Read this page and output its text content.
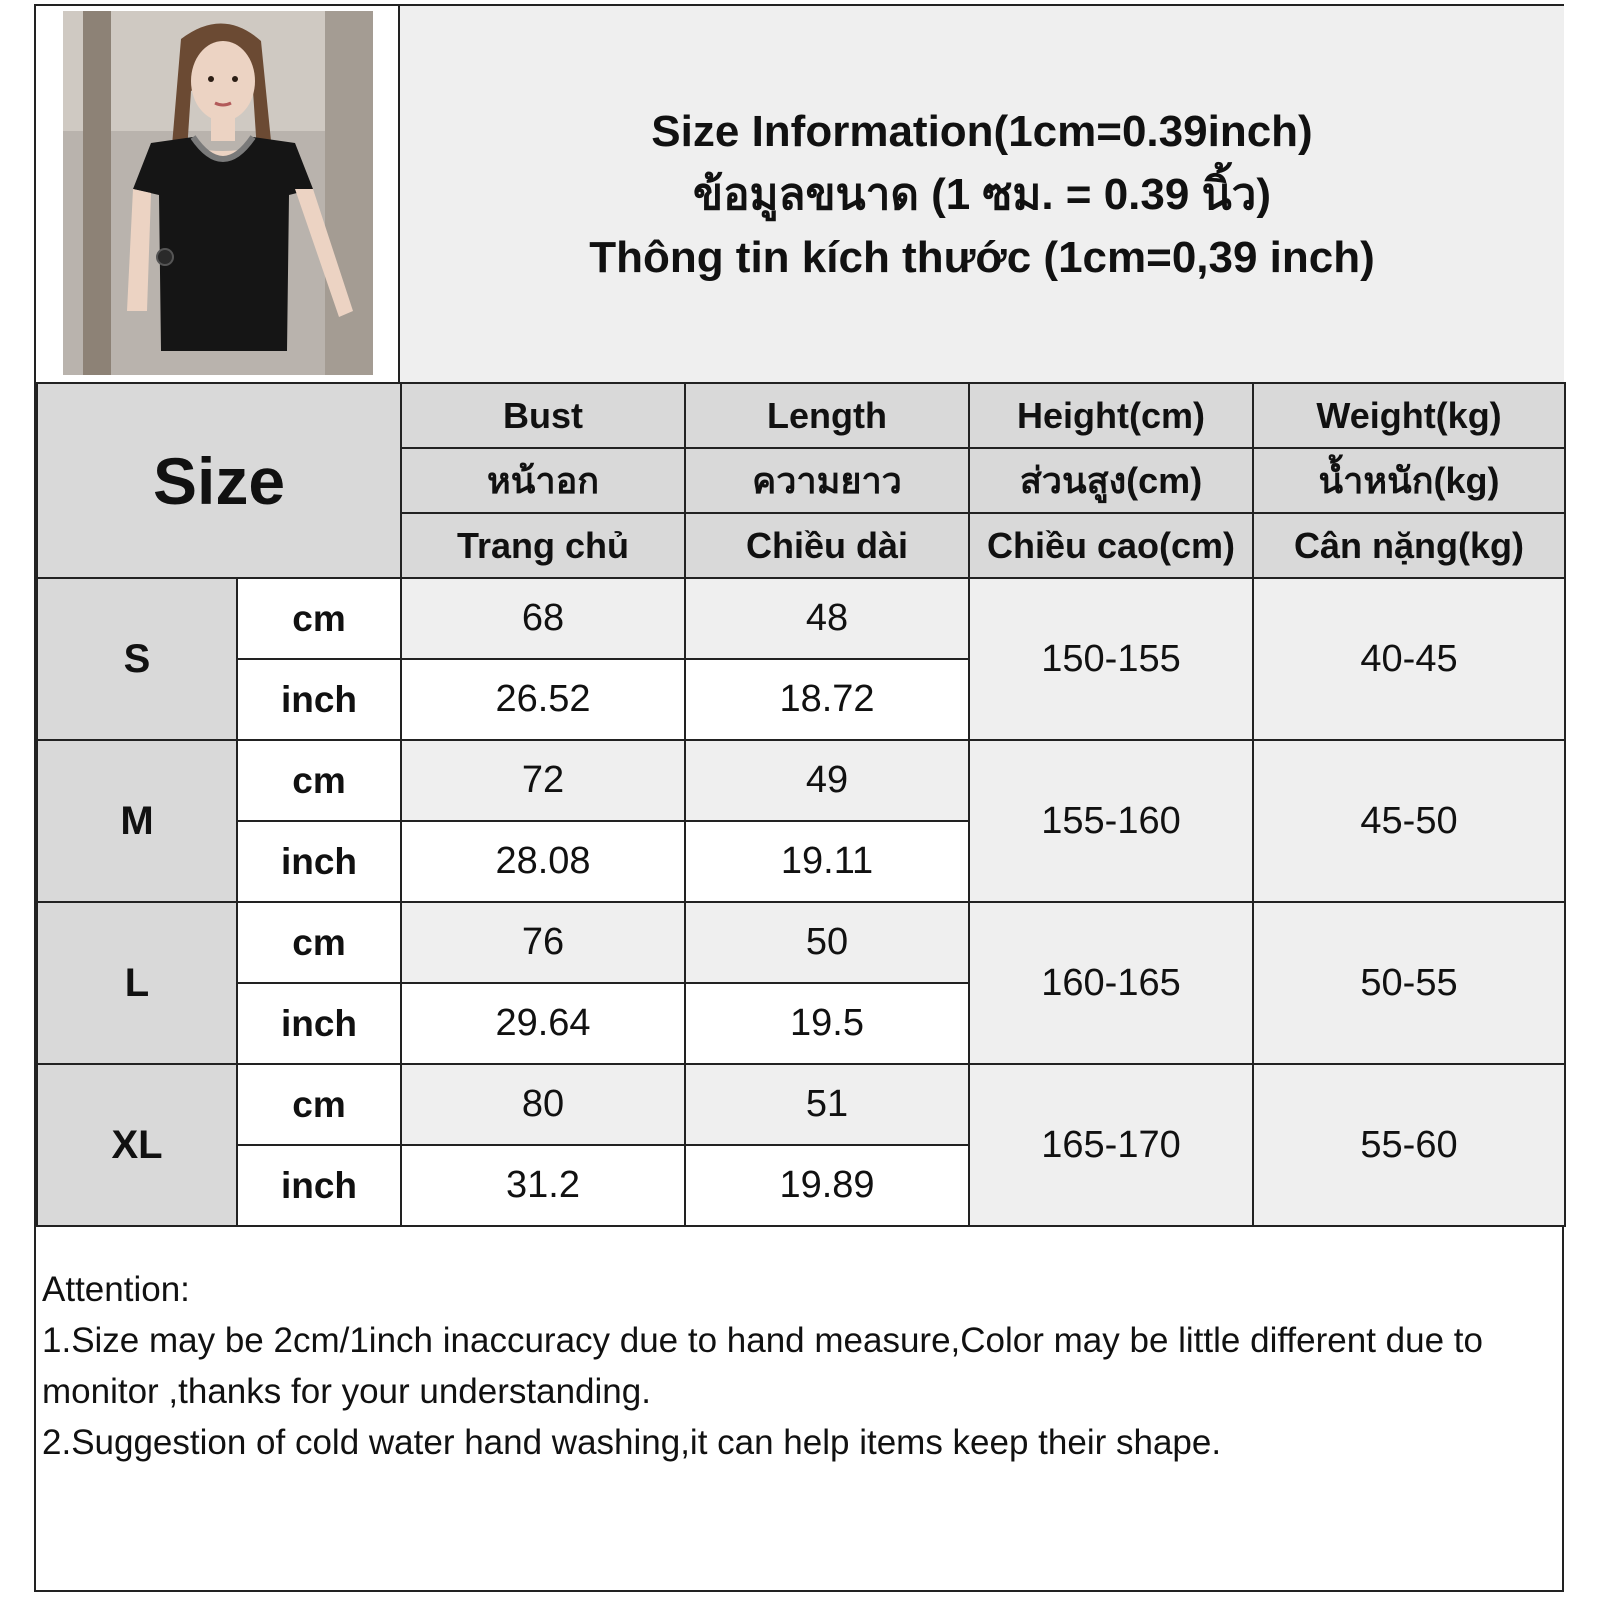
Size Information(1cm=0.39inch)
ข้อมูลขนาด (1 ซม. = 0.39 นิ้ว)
Thông tin kích thước (1cm=0,39 inch)
Size		Bust	Length	Height(cm)	Weight(kg)
		หน้าอก	ความยาว	ส่วนสูง(cm)	น้ำหนัก(kg)
		Trang chủ	Chiều dài	Chiều cao(cm)	Cân nặng(kg)
S	cm	68	48	150-155	40-45
	inch	26.52	18.72		
M	cm	72	49	155-160	45-50
	inch	28.08	19.11		
L	cm	76	50	160-165	50-55
	inch	29.64	19.5		
XL	cm	80	51	165-170	55-60
	inch	31.2	19.89		

Attention:

1.Size may be 2cm/1inch inaccuracy due to hand measure,Color may be little different due to monitor ,thanks for your understanding.

2.Suggestion of cold water hand washing,it can help items keep their shape.
